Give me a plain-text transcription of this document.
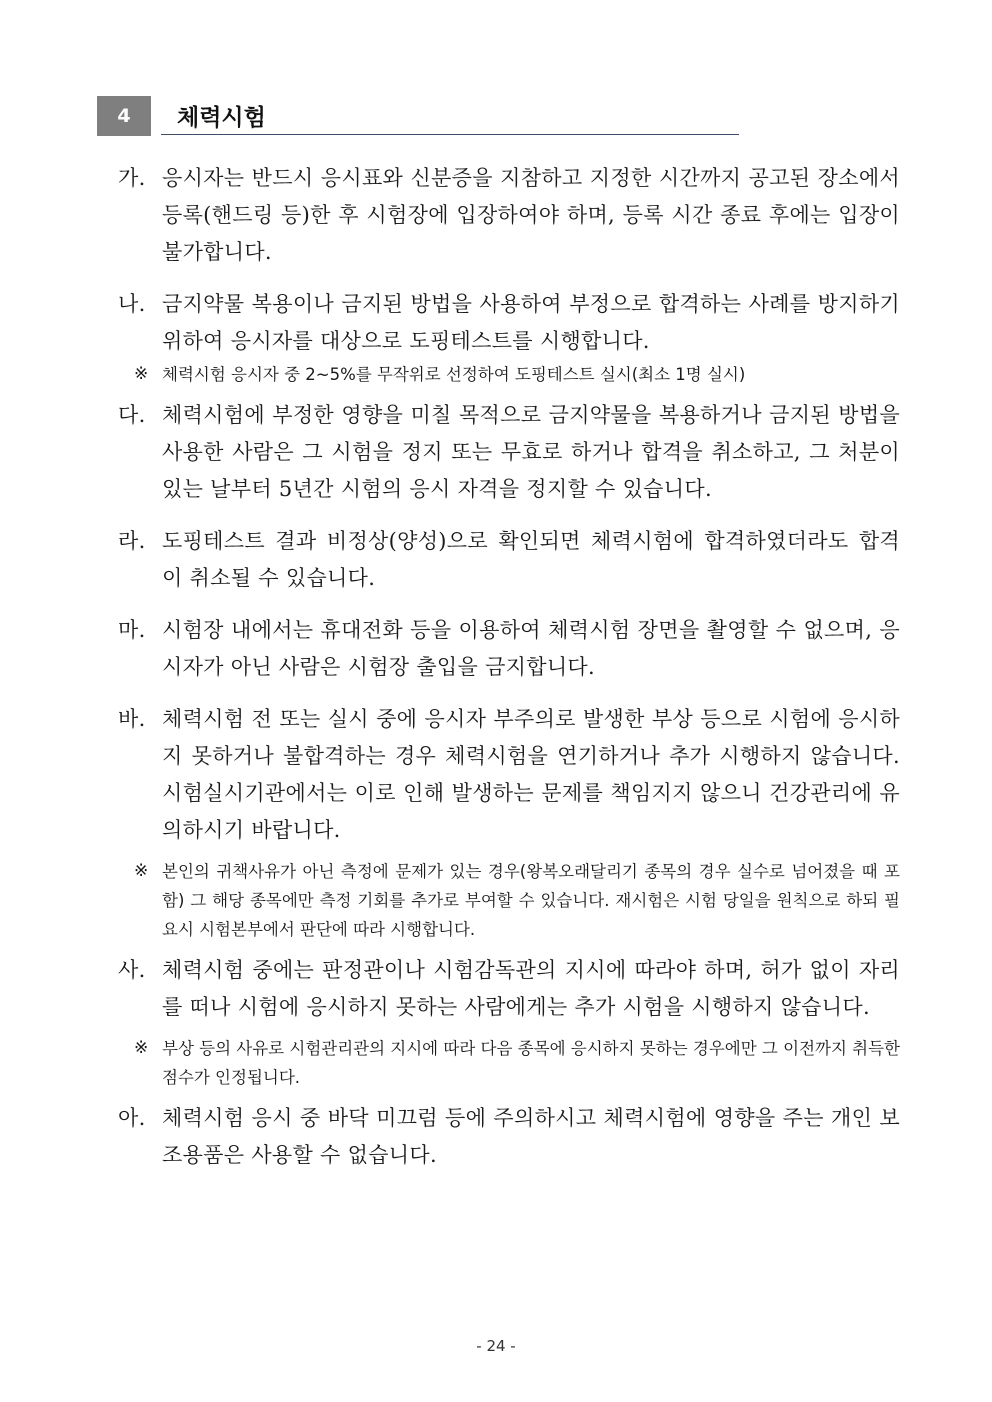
4	체력시험
가. 응시자는 반드시 응시표와 신분증을 지참하고 지정한 시간까지 공고된 장소에서 등록(핸드링 등)한 후 시험장에 입장하여야 하며, 등록 시간 종료 후에는 입장이 불가합니다.
나. 금지약물 복용이나 금지된 방법을 사용하여 부정으로 합격하는 사례를 방지하기 위하여 응시자를 대상으로 도핑테스트를 시행합니다.
※ 체력시험 응시자 중 2~5%를 무작위로 선정하여 도핑테스트 실시(최소 1명 실시)
다. 체력시험에 부정한 영향을 미칠 목적으로 금지약물을 복용하거나 금지된 방법을 사용한 사람은 그 시험을 정지 또는 무효로 하거나 합격을 취소하고, 그 처분이 있는 날부터 5년간 시험의 응시 자격을 정지할 수 있습니다.
라. 도핑테스트 결과 비정상(양성)으로 확인되면 체력시험에 합격하였더라도 합격이 취소될 수 있습니다.
마. 시험장 내에서는 휴대전화 등을 이용하여 체력시험 장면을 촬영할 수 없으며, 응시자가 아닌 사람은 시험장 출입을 금지합니다.
바. 체력시험 전 또는 실시 중에 응시자 부주의로 발생한 부상 등으로 시험에 응시하지 못하거나 불합격하는 경우 체력시험을 연기하거나 추가 시행하지 않습니다. 시험실시기관에서는 이로 인해 발생하는 문제를 책임지지 않으니 건강관리에 유의하시기 바랍니다.
※ 본인의 귀책사유가 아닌 측정에 문제가 있는 경우(왕복오래달리기 종목의 경우 실수로 넘어졌을 때 포함) 그 해당 종목에만 측정 기회를 추가로 부여할 수 있습니다. 재시험은 시험 당일을 원칙으로 하되 필요시 시험본부에서 판단에 따라 시행합니다.
사. 체력시험 중에는 판정관이나 시험감독관의 지시에 따라야 하며, 허가 없이 자리를 떠나 시험에 응시하지 못하는 사람에게는 추가 시험을 시행하지 않습니다.
※ 부상 등의 사유로 시험관리관의 지시에 따라 다음 종목에 응시하지 못하는 경우에만 그 이전까지 취득한 점수가 인정됩니다.
아. 체력시험 응시 중 바닥 미끄럼 등에 주의하시고 체력시험에 영향을 주는 개인 보조용품은 사용할 수 없습니다.
- 24 -
